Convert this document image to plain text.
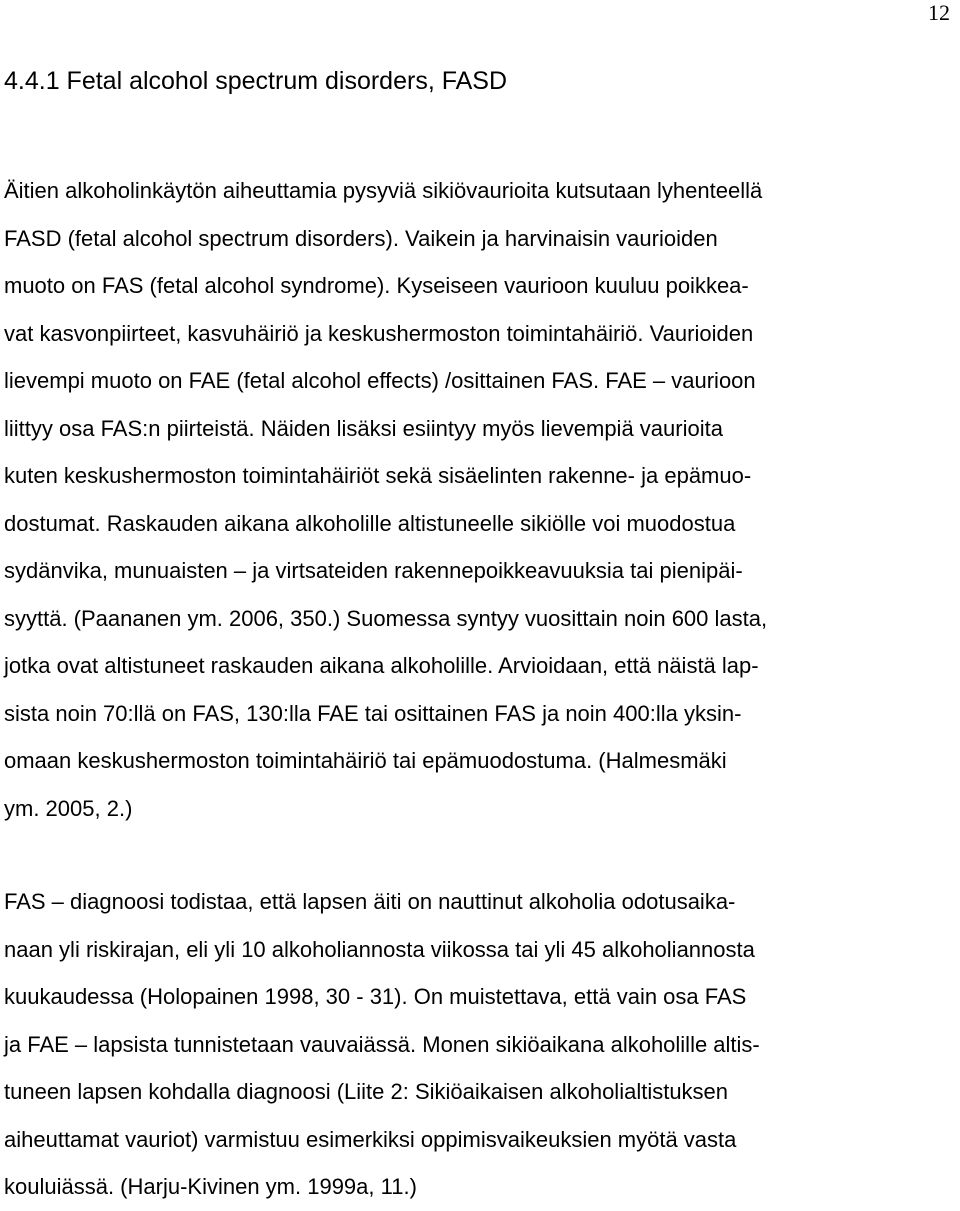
12
4.4.1 Fetal alcohol spectrum disorders, FASD
Äitien alkoholinkäytön aiheuttamia pysyviä sikiövaurioita kutsutaan lyhenteellä
FASD (fetal alcohol spectrum disorders). Vaikein ja harvinaisin vaurioiden
muoto on FAS (fetal alcohol syndrome). Kyseiseen vaurioon kuuluu poikkea-
vat kasvonpiirteet, kasvuhäiriö ja keskushermoston toimintahäiriö. Vaurioiden
lievempi muoto on FAE (fetal alcohol effects) /osittainen FAS. FAE – vaurioon
liittyy osa FAS:n piirteistä. Näiden lisäksi esiintyy myös lievempiä vaurioita
kuten keskushermoston toimintahäiriöt sekä sisäelinten rakenne- ja epämuo-
dostumat. Raskauden aikana alkoholille altistuneelle sikiölle voi muodostua
sydänvika, munuaisten – ja virtsateiden rakennepoikkeavuuksia tai pienipäi-
syyttä. (Paananen ym. 2006, 350.) Suomessa syntyy vuosittain noin 600 lasta,
jotka ovat altistuneet raskauden aikana alkoholille. Arvioidaan, että näistä lap-
sista noin 70:llä on FAS, 130:lla FAE tai osittainen FAS ja noin 400:lla yksin-
omaan keskushermoston toimintahäiriö tai epämuodostuma. (Halmesmäki
ym. 2005, 2.)
FAS – diagnoosi todistaa, että lapsen äiti on nauttinut alkoholia odotusaika-
naan yli riskirajan, eli yli 10 alkoholiannosta viikossa tai yli 45 alkoholiannosta
kuukaudessa (Holopainen 1998, 30 - 31). On muistettava, että vain osa FAS
ja FAE – lapsista tunnistetaan vauvaiässä. Monen sikiöaikana alkoholille altis-
tuneen lapsen kohdalla diagnoosi (Liite 2: Sikiöaikaisen alkoholialtistuksen
aiheuttamat vauriot) varmistuu esimerkiksi oppimisvaikeuksien myötä vasta
kouluiässä. (Harju-Kivinen ym. 1999a, 11.)
